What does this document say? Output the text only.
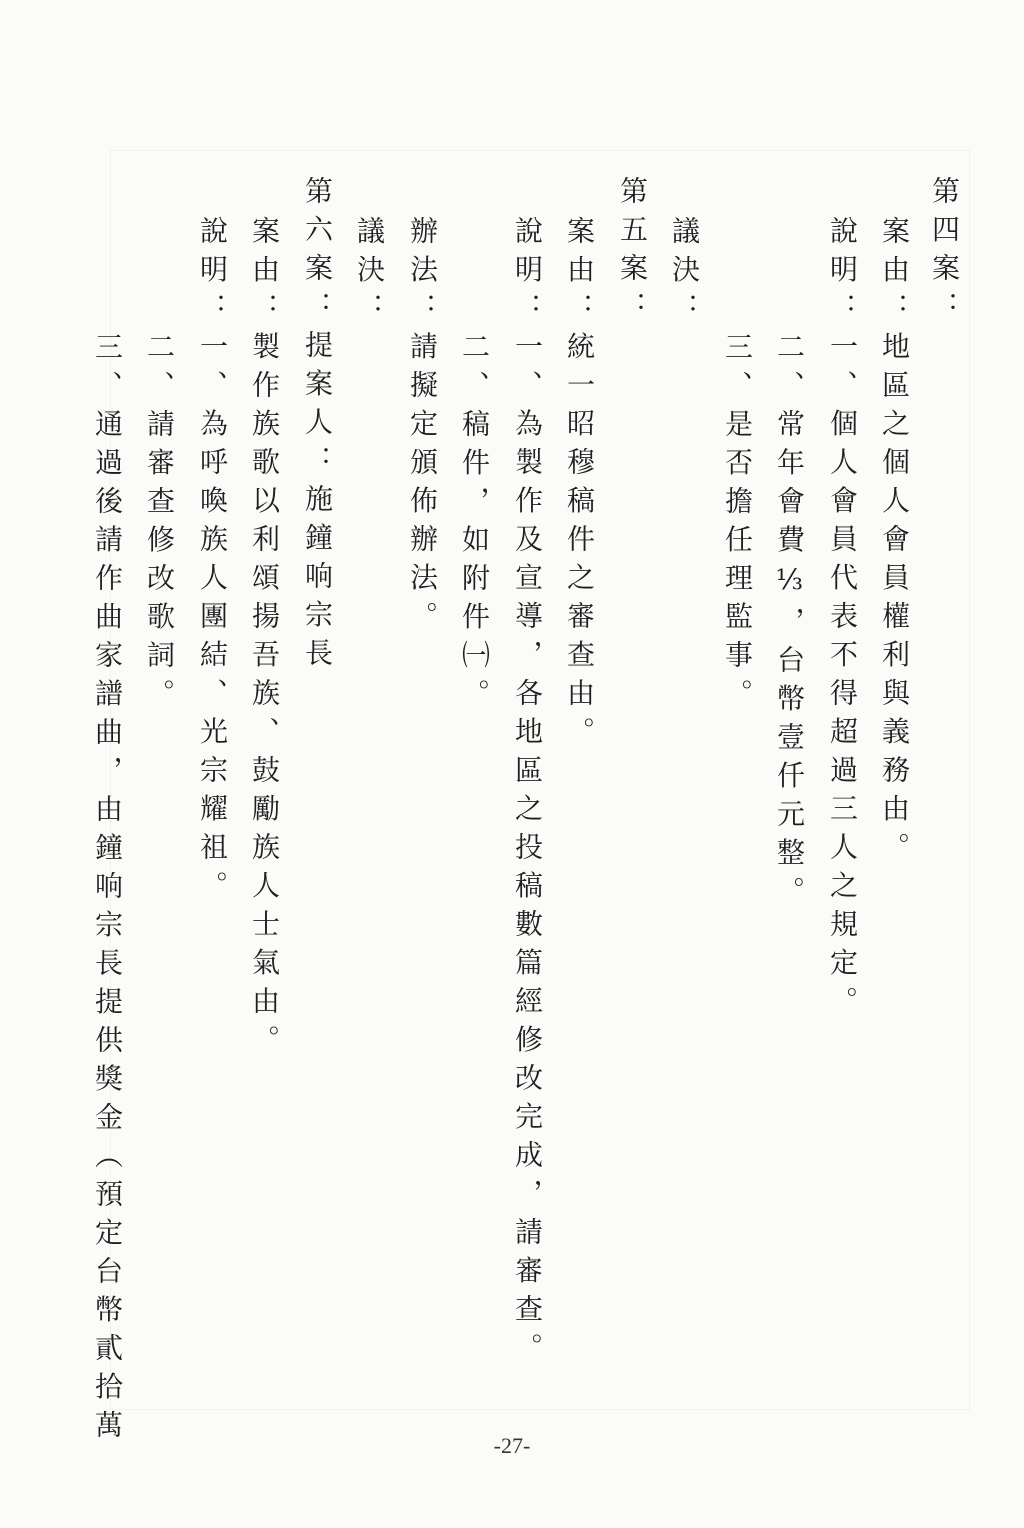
第四案：
案由：地區之個人會員權利與義務由。
說明：一、個人會員代表不得超過三人之規定。
二、常年會費⅓，台幣壹仟元整。
三、是否擔任理監事。
議決：
第五案：
案由：統一昭穆稿件之審查由。
說明：一、為製作及宣導，各地區之投稿數篇經修改完成，請審查。
二、稿件，如附件㈠。
辦法：請擬定頒佈辦法。
議決：
第六案：提案人：施鐘响宗長
案由：製作族歌以利頌揚吾族、鼓勵族人士氣由。
說明：一、為呼喚族人團結、光宗耀祖。
二、請審查修改歌詞。
三、通過後請作曲家譜曲，由鐘响宗長提供獎金（預定台幣貳拾萬	-27-
